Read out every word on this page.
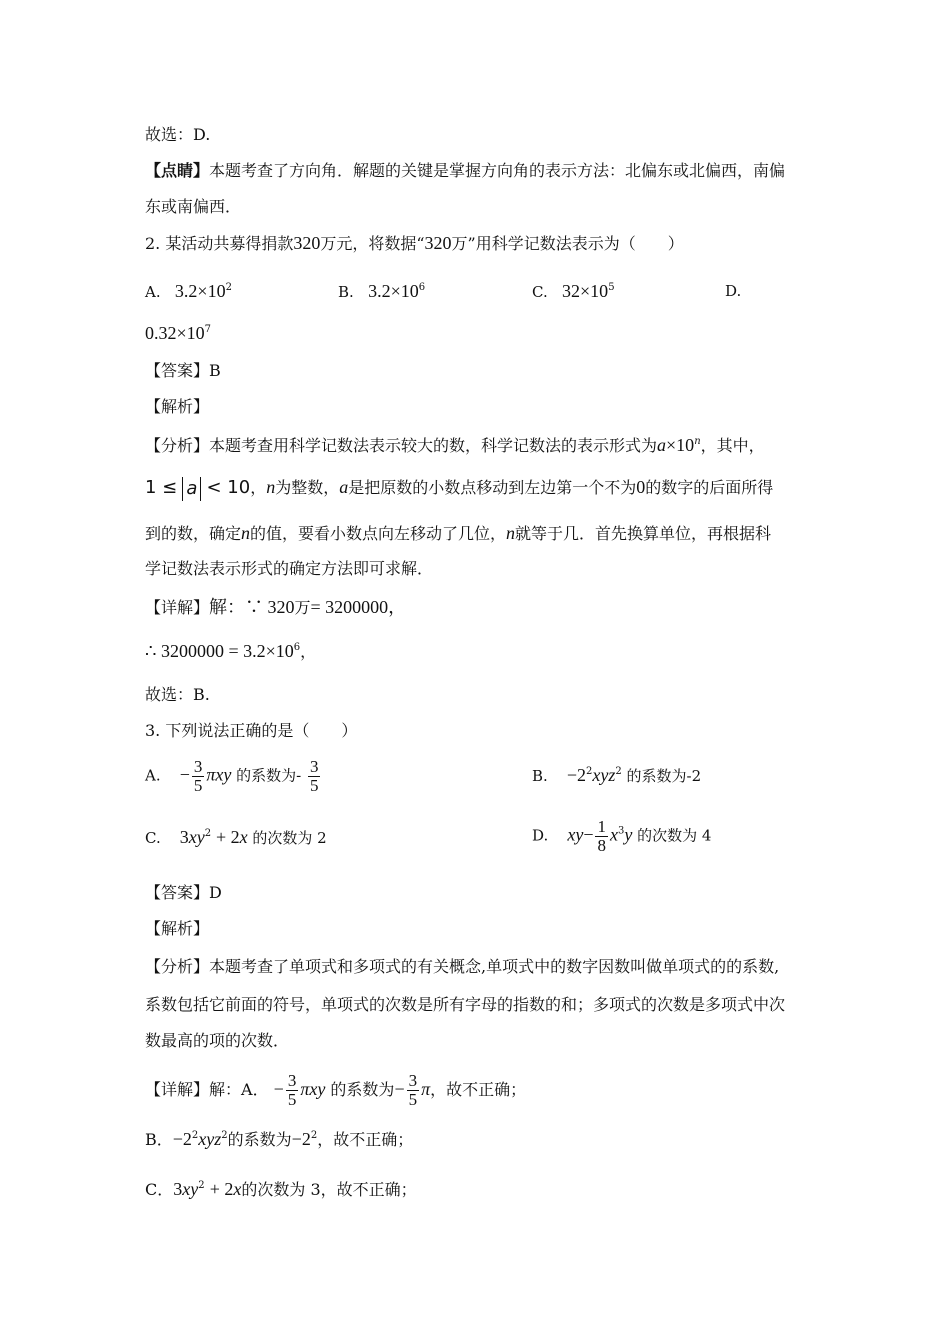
故选：D.
【点睛】本题考查了方向角．解题的关键是掌握方向角的表示方法：北偏东或北偏西，南偏
东或南偏西．
2. 某活动共募得捐款320万元，将数据“320万”用科学记数法表示为（　　）
A. $3.2\times 10^2$	B. $3.2\times 10^6$	C. $32\times 10^5$	D.
$0.32\times 10^7$
【答案】B
【解析】
【分析】本题考查用科学记数法表示较大的数，科学记数法的表示形式为$a\times 10^n$，其中，
1 ≤ a < 10，n为整数，a是把原数的小数点移动到左边第一个不为0的数字的后面所得
到的数，确定n的值，要看小数点向左移动了几位，n就等于几．首先换算单位，再根据科
学记数法表示形式的确定方法即可求解．
【详解】解：∵ 320万= 3200000，
∴ $3200000 = 3.2\times 10^6$，
故选：B.
3. 下列说法正确的是（　　）
A. − $\frac{3}{5}$ πxy 的系数为- $\frac{3}{5}$	B. $-2^2xyz^2$ 的系数为-2
C. $3xy^2 + 2x$ 的次数为 2	D. $xy- \frac{1}{8} x^3y$ 的次数为 4
【答案】D
【解析】
【分析】本题考查了单项式和多项式的有关概念,单项式中的数字因数叫做单项式的的系数,
系数包括它前面的符号，单项式的次数是所有字母的指数的和；多项式的次数是多项式中次
数最高的项的次数．
【详解】解：A． − $\frac{3}{5}$ πxy 的系数为− $\frac{3}{5}$ π，故不正确；
B．$-2^2xyz^2$的系数为$-2^2$，故不正确；
C．$3xy^2 + 2x$的次数为 3，故不正确；
